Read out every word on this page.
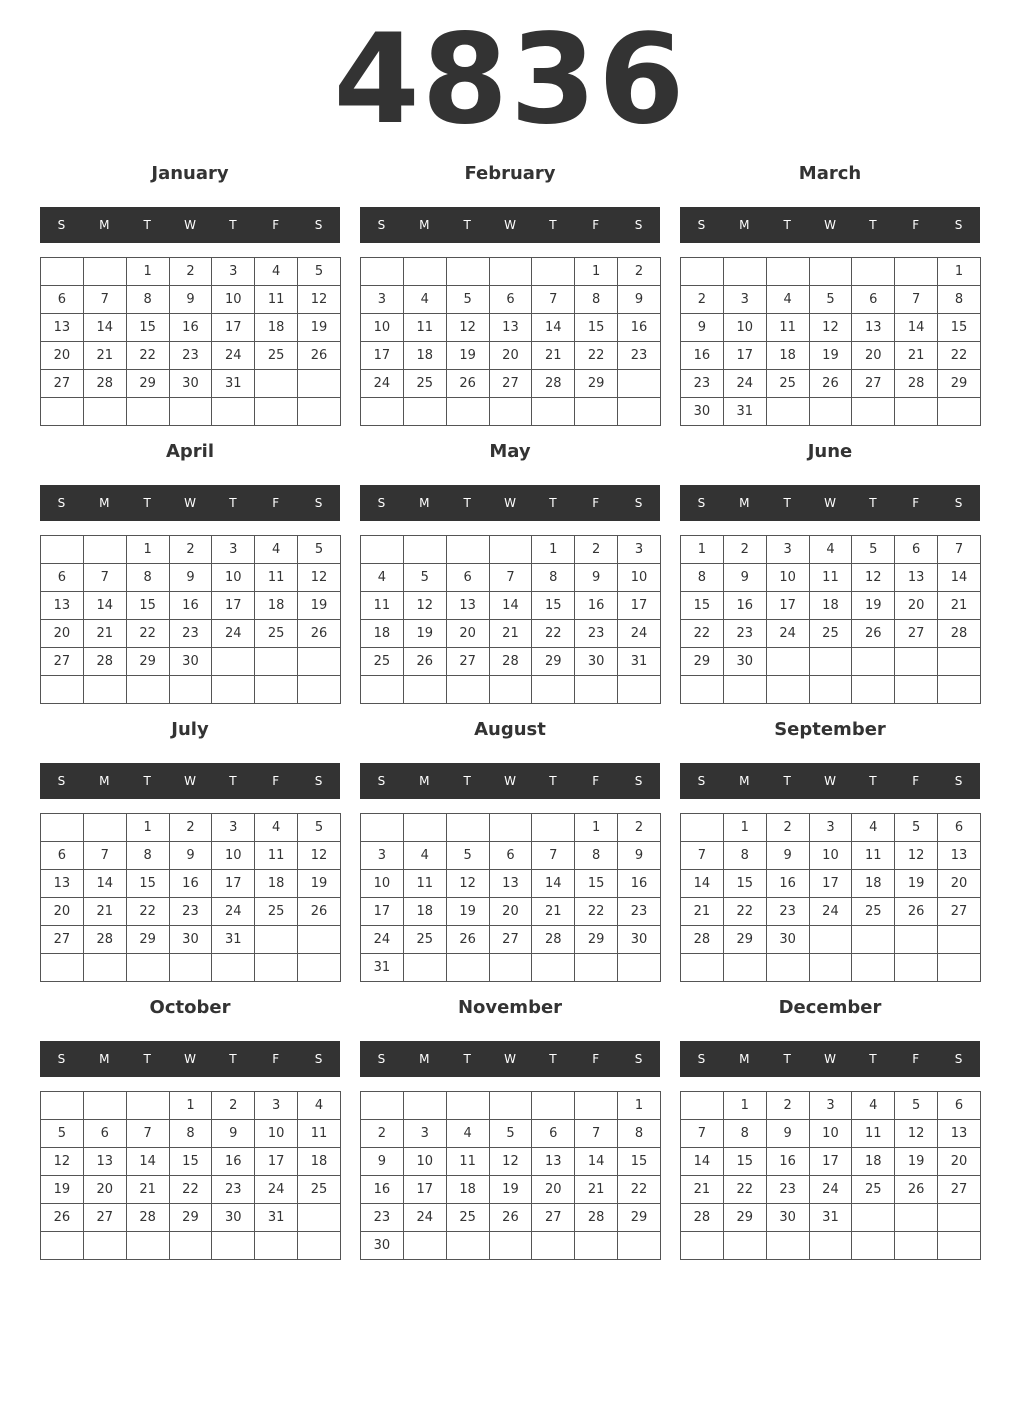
4836
January
S	M	T	W	T	F	S
		1	2	3	4	5
6	7	8	9	10	11	12
13	14	15	16	17	18	19
20	21	22	23	24	25	26
27	28	29	30	31		

February
S	M	T	W	T	F	S
					1	2
3	4	5	6	7	8	9
10	11	12	13	14	15	16
17	18	19	20	21	22	23
24	25	26	27	28	29	

March
S	M	T	W	T	F	S
						1
2	3	4	5	6	7	8
9	10	11	12	13	14	15
16	17	18	19	20	21	22
23	24	25	26	27	28	29
30	31					
April
S	M	T	W	T	F	S
		1	2	3	4	5
6	7	8	9	10	11	12
13	14	15	16	17	18	19
20	21	22	23	24	25	26
27	28	29	30			

May
S	M	T	W	T	F	S
				1	2	3
4	5	6	7	8	9	10
11	12	13	14	15	16	17
18	19	20	21	22	23	24
25	26	27	28	29	30	31

June
S	M	T	W	T	F	S
1	2	3	4	5	6	7
8	9	10	11	12	13	14
15	16	17	18	19	20	21
22	23	24	25	26	27	28
29	30					

July
S	M	T	W	T	F	S
		1	2	3	4	5
6	7	8	9	10	11	12
13	14	15	16	17	18	19
20	21	22	23	24	25	26
27	28	29	30	31		

August
S	M	T	W	T	F	S
					1	2
3	4	5	6	7	8	9
10	11	12	13	14	15	16
17	18	19	20	21	22	23
24	25	26	27	28	29	30
31						
September
S	M	T	W	T	F	S
	1	2	3	4	5	6
7	8	9	10	11	12	13
14	15	16	17	18	19	20
21	22	23	24	25	26	27
28	29	30				

October
S	M	T	W	T	F	S
			1	2	3	4
5	6	7	8	9	10	11
12	13	14	15	16	17	18
19	20	21	22	23	24	25
26	27	28	29	30	31	

November
S	M	T	W	T	F	S
						1
2	3	4	5	6	7	8
9	10	11	12	13	14	15
16	17	18	19	20	21	22
23	24	25	26	27	28	29
30						
December
S	M	T	W	T	F	S
	1	2	3	4	5	6
7	8	9	10	11	12	13
14	15	16	17	18	19	20
21	22	23	24	25	26	27
28	29	30	31			
